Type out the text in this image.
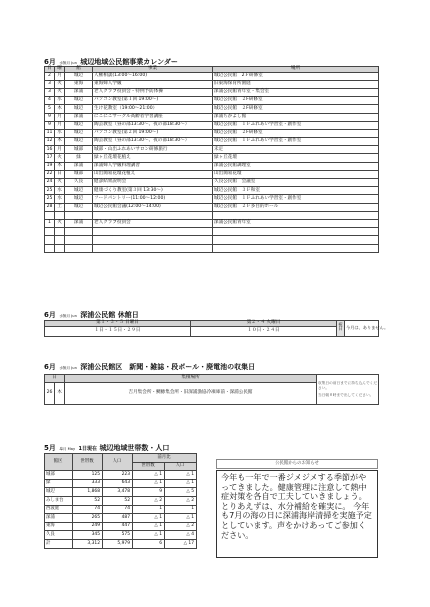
6月 水無月 Jun 城辺地域公民館事業カレンダー
日	曜	館	事業	場所
2	月	城辺	人権相談(13:00～16:00)	城辺公民館　2Ｆ研修室
3	火	東海	東海婦人学級	旧東海保育所園庭
3	火	深浦	老人クラブ役員会・特例予防体操	深浦公民館青年室・集会室
4	水	城辺	パソコン教室(第１回 19:00～)	城辺公民館　２F研修室
5	木	城辺	生け花教室（19:00～21:00）	城辺公民館　２F研修室
9	月	深浦	にこにこサークル高齢者学習講座	深浦ちかよし館
9	月	城辺	陶芸教室（昼の部13:30～、夜の部18:30～）	城辺公民館　１Ｆふれあい学習室・創作室
11	水	城辺	パソコン教室(第２回 19:00～)	城辺公民館　２F研修室
12	木	城辺	陶芸教室（昼の部13:30～、夜の部18:30～）	城辺公民館　１Ｆふれあい学習室・創作室
16	月	城部	城部・山出ふれあいサロン研修旅行	未定
17	火	緑	緑ヶ丘花壇花植え	緑ヶ丘花壇
19	木	深浦	深浦婦人学級料理講習	深浦公民館調理室
22	日	城部	山出簡易花壇花植え	山出簡易花壇
24	火	久良	健診結果説明会	久良公民館　会議室
25	水	城辺	健康づくり教室(第３回 13:30～)	城辺公民館　３Ｆ和室
25	水	城辺	フードパントリー(11:00～12:00)	城辺公民館　１Ｆふれあい学習室・創作室
28	土	城辺	城辺公民館会議(12:00～14:00)	城辺公民館　２Ｆ多目的ホール

1	火	深浦	老人クラブ役員会	深浦公民館青年室

6月 水無月 Jun 深浦公民館 休館日
第１・３・５ 日曜日	第２・４ 火曜日	祝日	今月は、ありません。
１日・１５日・２９日	１０日・２４日		
6月 水無月 Jun 深浦公民館区　新聞・雑誌・段ボール・廃電池の収集日
日		集積場所	収集日の前日までに持ち込んでください。
当日朝８時まで出してください。

26	木	吉月集会所・鯛鯵集会所・旧深浦漁協冷凍庫前・深浦公民館	
5月 皐月 May 1日現在 城辺地域世帯数・人口
館区	世帯数	人口	前月比	
			世帯数	人口
城部	125	223	△ 1	△ 1
緑	333	643	△ 1	△ 1
城辺	1,868	3,478	9	△ 5
みしま台	52	52	△ 2	△ 2
西波庭	74	74	1	1
深浦	265	487	△ 1	△ 1
東海	249	447	△ 1	△ 2
久良	345	575	△ 1	△ 4
計	3,312	5,979	6	△ 17
公民館からのお知らせ
今年も一年で一番ジメジメする季節がやってきました。健康管理に注意して熱中症対策を各自で工夫していきましょう。とりあえずは、水分補給を確実に。 今年も7月の海の日に深浦海岸清掃を実施予定としています。声をかけあってご参加ください。
